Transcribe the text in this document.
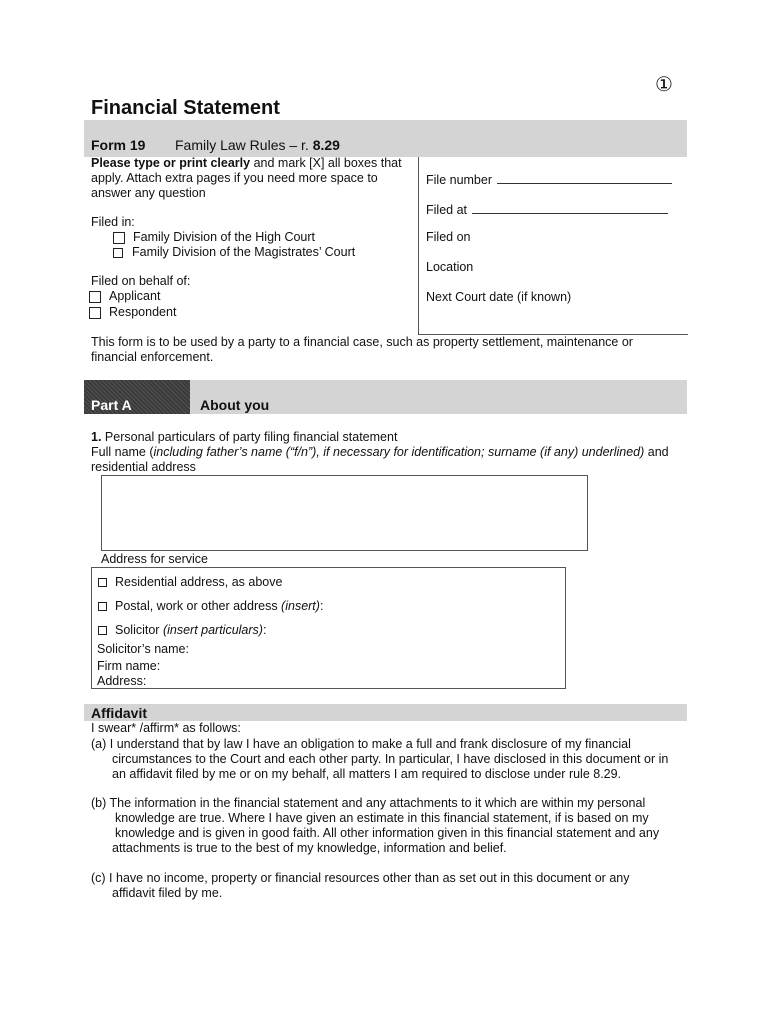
①
Financial Statement
Form 19 Family Law Rules – r. 8.29
Please type or print clearly and mark [X] all boxes that
apply. Attach extra pages if you need more space to
answer any question
Filed in:
Family Division of the High Court
Family Division of the Magistrates’ Court
Filed on behalf of:
Applicant
Respondent
File number
Filed at
Filed on
Location
Next Court date (if known)
This form is to be used by a party to a financial case, such as property settlement, maintenance or
financial enforcement.
Part A	About you
1. Personal particulars of party filing financial statement
Full name (including father’s name (“f/n”), if necessary for identification; surname (if any) underlined) and
residential address
Address for service
Residential address, as above
Postal, work or other address (insert):
Solicitor (insert particulars):
Solicitor’s name:
Firm name:
Address:
Affidavit
I swear* /affirm* as follows:
(a) I understand that by law I have an obligation to make a full and frank disclosure of my financial
circumstances to the Court and each other party. In particular, I have disclosed in this document or in
an affidavit filed by me or on my behalf, all matters I am required to disclose under rule 8.29.
(b) The information in the financial statement and any attachments to it which are within my personal
knowledge are true. Where I have given an estimate in this financial statement, if is based on my
knowledge and is given in good faith. All other information given in this financial statement and any
attachments is true to the best of my knowledge, information and belief.
(c) I have no income, property or financial resources other than as set out in this document or any
affidavit filed by me.
